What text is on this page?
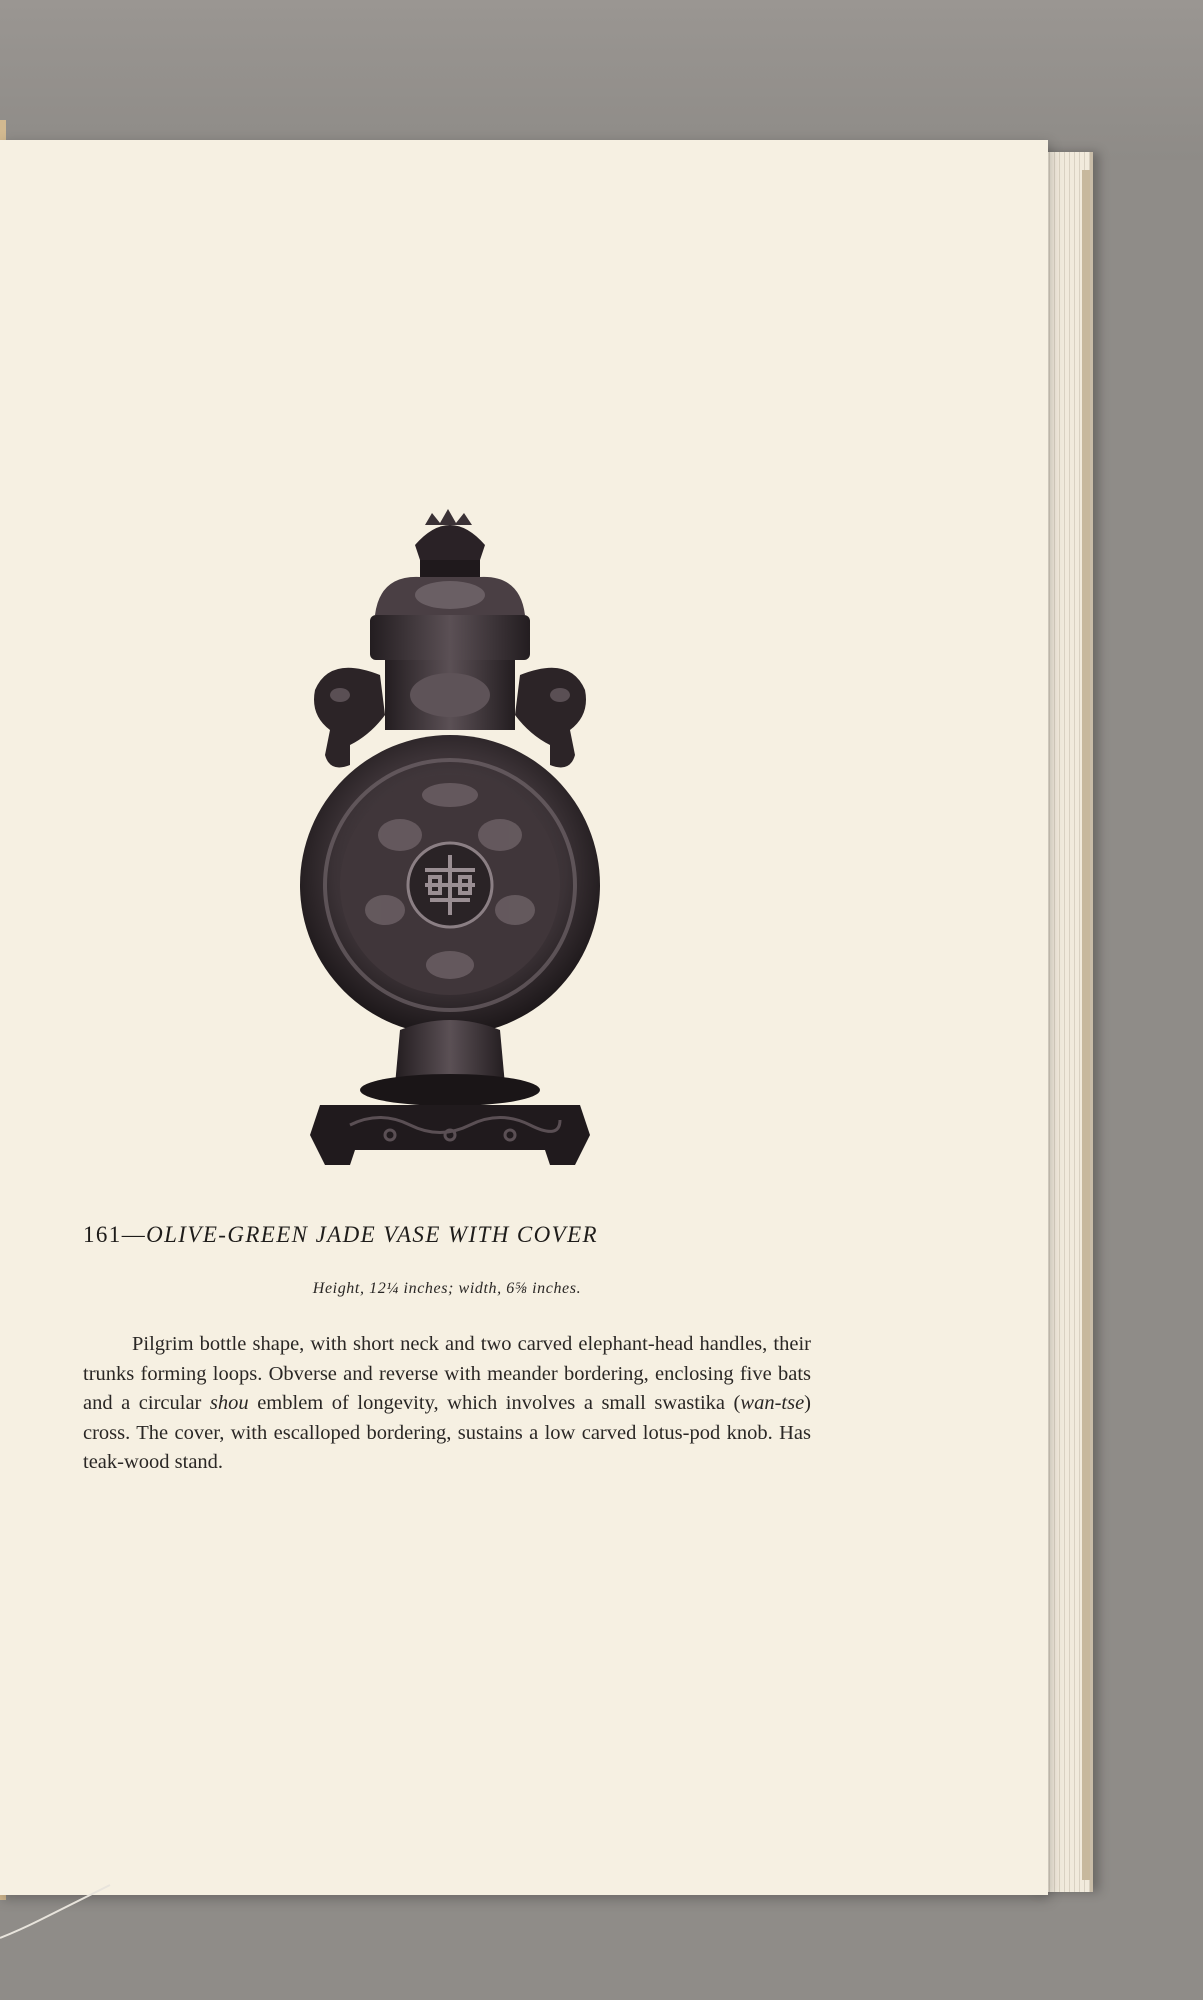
161—OLIVE-GREEN JADE VASE WITH COVER
Height, 12¼ inches; width, 6⅝ inches.

Pilgrim bottle shape, with short neck and two carved elephant-head handles, their trunks forming loops. Obverse and reverse with meander bordering, enclosing five bats and a circular shou emblem of longevity, which involves a small swastika (wan-tse) cross. The cover, with escalloped bordering, sustains a low carved lotus-pod knob. Has teak-wood stand.
